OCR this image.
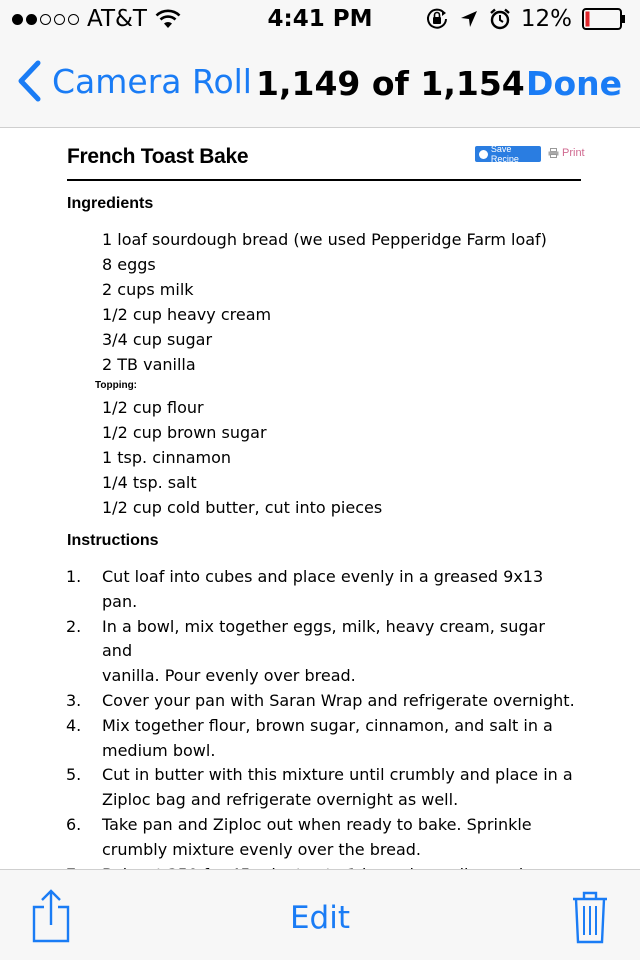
AT&T	4:41 PM	12%
Camera Roll 1,149 of 1,154 Done
French Toast Bake	Save Recipe	Print
Ingredients
1 loaf sourdough bread (we used Pepperidge Farm loaf)
8 eggs
2 cups milk
1/2 cup heavy cream
3/4 cup sugar
2 TB vanilla
Topping:
1/2 cup flour
1/2 cup brown sugar
1 tsp. cinnamon
1/4 tsp. salt
1/2 cup cold butter, cut into pieces
Instructions
1.	Cut loaf into cubes and place evenly in a greased 9x13 pan.
2.	In a bowl, mix together eggs, milk, heavy cream, sugar and
vanilla. Pour evenly over bread.
3.	Cover your pan with Saran Wrap and refrigerate overnight.
4.	Mix together flour, brown sugar, cinnamon, and salt in a
medium bowl.
5.	Cut in butter with this mixture until crumbly and place in a
Ziploc bag and refrigerate overnight as well.
6.	Take pan and Ziploc out when ready to bake. Sprinkle
crumbly mixture evenly over the bread.
Edit
